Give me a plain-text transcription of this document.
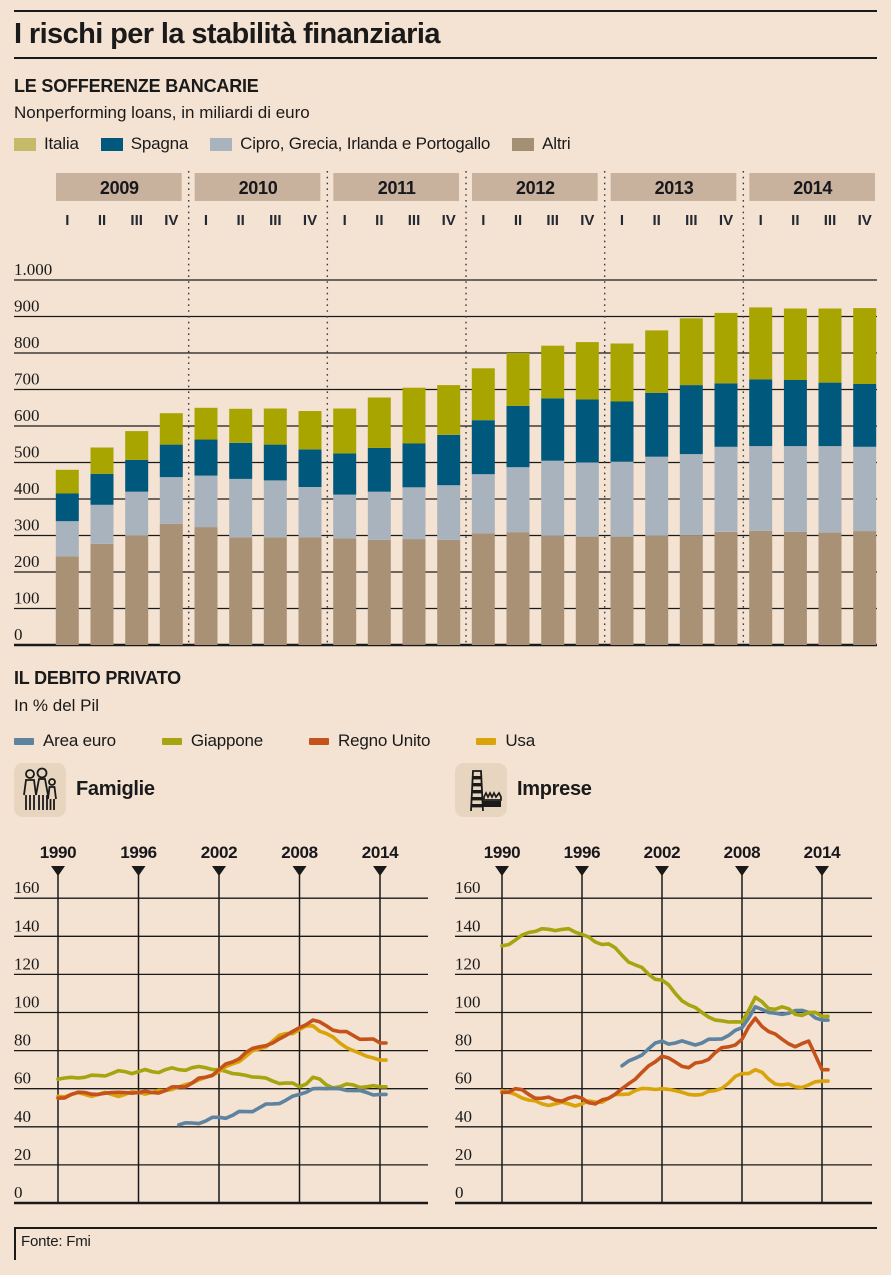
I rischi per la stabilità finanziaria
LE SOFFERENZE BANCARIE
Nonperforming loans, in miliardi di euro
Italia	Spagna	Cipro, Grecia, Irlanda e Portogallo	Altri
0
100
200
300
400
500
600
700
800
900
1.000
2009
I II III IV
2010
I II III IV
2011
I II III IV
2012
I II III IV
2013
I II III IV
2014
I II III IV
IL DEBITO PRIVATO
In % del Pil
Area euro	Giappone	Regno Unito	Usa
Famiglie	Imprese
0
20
40
60
80
100
120
140
160
1990	1996	2002	2008	2014
0
20
40
60
80
100
120
140
160
1990	1996	2002	2008	2014
Fonte: Fmi
